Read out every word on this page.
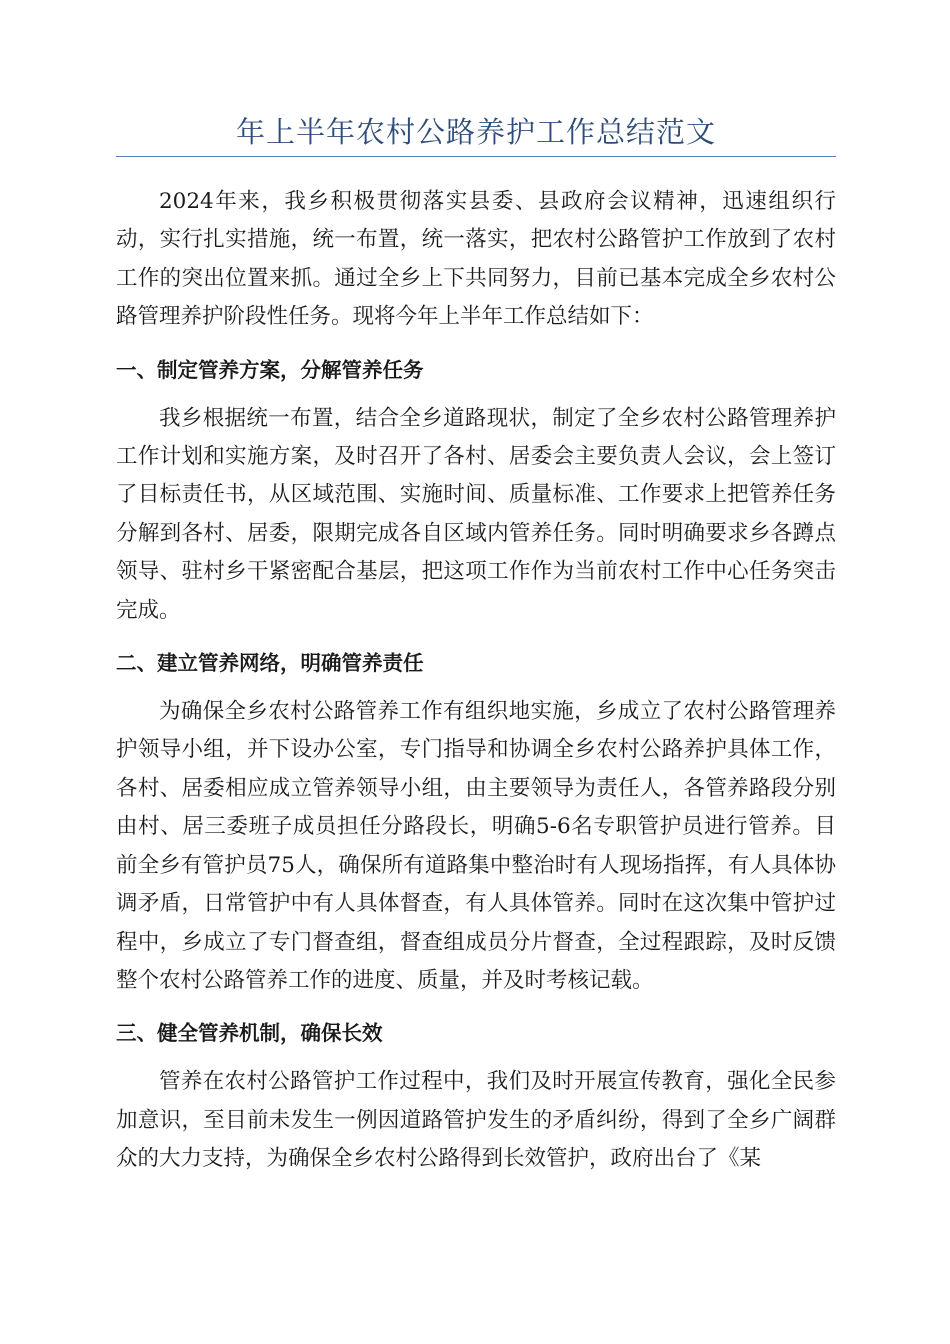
年上半年农村公路养护工作总结范文

2024年来，我乡积极贯彻落实县委、县政府会议精神，迅速组织行动，实行扎实措施，统一布置，统一落实，把农村公路管护工作放到了农村工作的突出位置来抓。通过全乡上下共同努力，目前已基本完成全乡农村公路管理养护阶段性任务。现将今年上半年工作总结如下：

一、制定管养方案，分解管养任务

我乡根据统一布置，结合全乡道路现状，制定了全乡农村公路管理养护工作计划和实施方案，及时召开了各村、居委会主要负责人会议，会上签订了目标责任书，从区域范围、实施时间、质量标准、工作要求上把管养任务分解到各村、居委，限期完成各自区域内管养任务。同时明确要求乡各蹲点领导、驻村乡干紧密配合基层，把这项工作作为当前农村工作中心任务突击完成。

二、建立管养网络，明确管养责任

为确保全乡农村公路管养工作有组织地实施，乡成立了农村公路管理养护领导小组，并下设办公室，专门指导和协调全乡农村公路养护具体工作，各村、居委相应成立管养领导小组，由主要领导为责任人，各管养路段分别由村、居三委班子成员担任分路段长，明确5-6名专职管护员进行管养。目前全乡有管护员75人，确保所有道路集中整治时有人现场指挥，有人具体协调矛盾，日常管护中有人具体督查，有人具体管养。同时在这次集中管护过程中，乡成立了专门督查组，督查组成员分片督查，全过程跟踪，及时反馈整个农村公路管养工作的进度、质量，并及时考核记载。

三、健全管养机制，确保长效

管养在农村公路管护工作过程中，我们及时开展宣传教育，强化全民参加意识，至目前未发生一例因道路管护发生的矛盾纠纷，得到了全乡广阔群众的大力支持，为确保全乡农村公路得到长效管护，政府出台了《某
